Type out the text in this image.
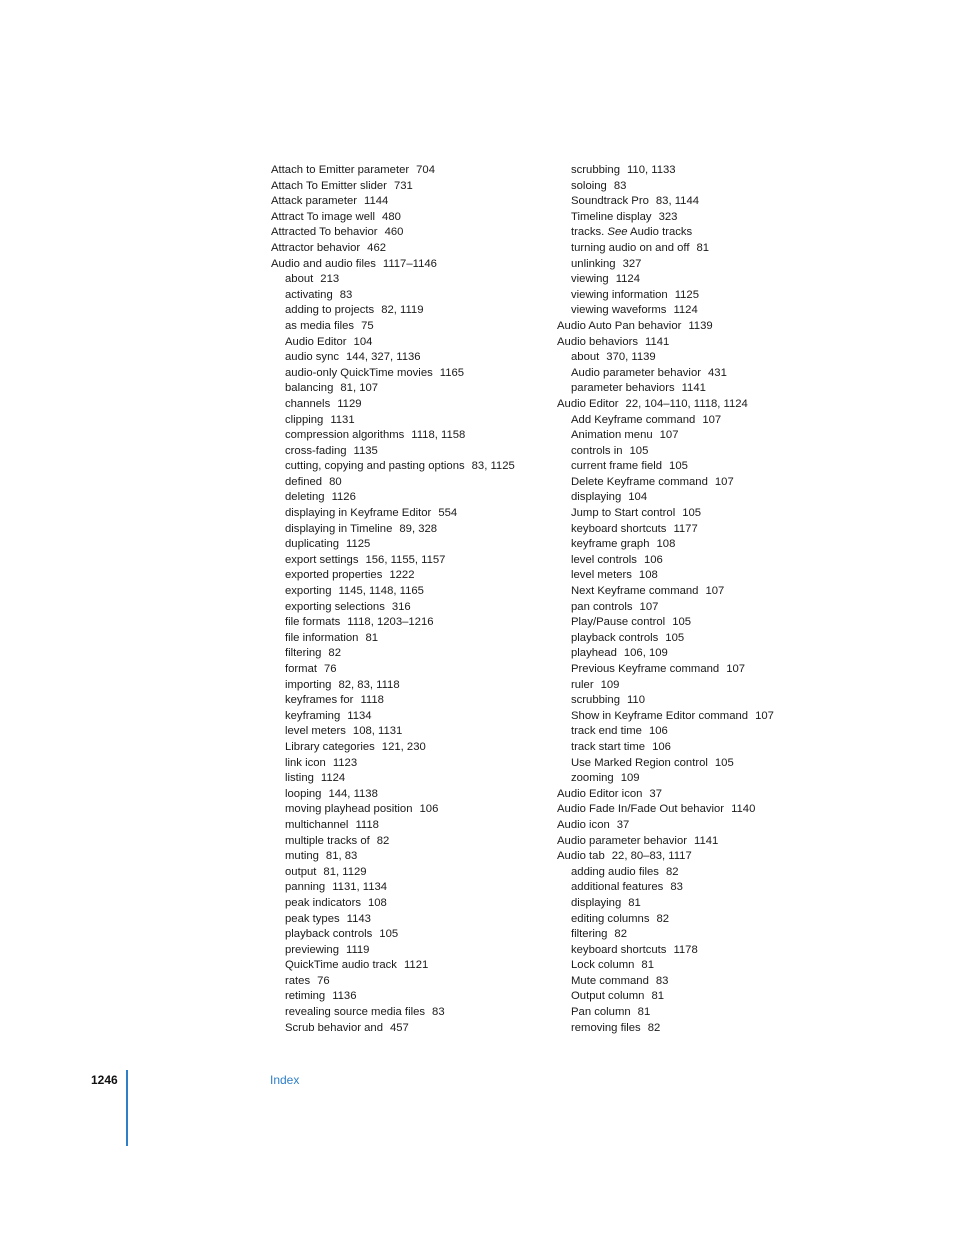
Attach to Emitter parameter 704
Attach To Emitter slider 731
Attack parameter 1144
Attract To image well 480
Attracted To behavior 460
Attractor behavior 462
Audio and audio files 1117–1146
about 213
activating 83
adding to projects 82, 1119
as media files 75
Audio Editor 104
audio sync 144, 327, 1136
audio-only QuickTime movies 1165
balancing 81, 107
channels 1129
clipping 1131
compression algorithms 1118, 1158
cross-fading 1135
cutting, copying and pasting options 83, 1125
defined 80
deleting 1126
displaying in Keyframe Editor 554
displaying in Timeline 89, 328
duplicating 1125
export settings 156, 1155, 1157
exported properties 1222
exporting 1145, 1148, 1165
exporting selections 316
file formats 1118, 1203–1216
file information 81
filtering 82
format 76
importing 82, 83, 1118
keyframes for 1118
keyframing 1134
level meters 108, 1131
Library categories 121, 230
link icon 1123
listing 1124
looping 144, 1138
moving playhead position 106
multichannel 1118
multiple tracks of 82
muting 81, 83
output 81, 1129
panning 1131, 1134
peak indicators 108
peak types 1143
playback controls 105
previewing 1119
QuickTime audio track 1121
rates 76
retiming 1136
revealing source media files 83
Scrub behavior and 457
scrubbing 110, 1133
soloing 83
Soundtrack Pro 83, 1144
Timeline display 323
tracks. See Audio tracks
turning audio on and off 81
unlinking 327
viewing 1124
viewing information 1125
viewing waveforms 1124
Audio Auto Pan behavior 1139
Audio behaviors 1141
about 370, 1139
Audio parameter behavior 431
parameter behaviors 1141
Audio Editor 22, 104–110, 1118, 1124
Add Keyframe command 107
Animation menu 107
controls in 105
current frame field 105
Delete Keyframe command 107
displaying 104
Jump to Start control 105
keyboard shortcuts 1177
keyframe graph 108
level controls 106
level meters 108
Next Keyframe command 107
pan controls 107
Play/Pause control 105
playback controls 105
playhead 106, 109
Previous Keyframe command 107
ruler 109
scrubbing 110
Show in Keyframe Editor command 107
track end time 106
track start time 106
Use Marked Region control 105
zooming 109
Audio Editor icon 37
Audio Fade In/Fade Out behavior 1140
Audio icon 37
Audio parameter behavior 1141
Audio tab 22, 80–83, 1117
adding audio files 82
additional features 83
displaying 81
editing columns 82
filtering 82
keyboard shortcuts 1178
Lock column 81
Mute command 83
Output column 81
Pan column 81
removing files 82
1246	Index
